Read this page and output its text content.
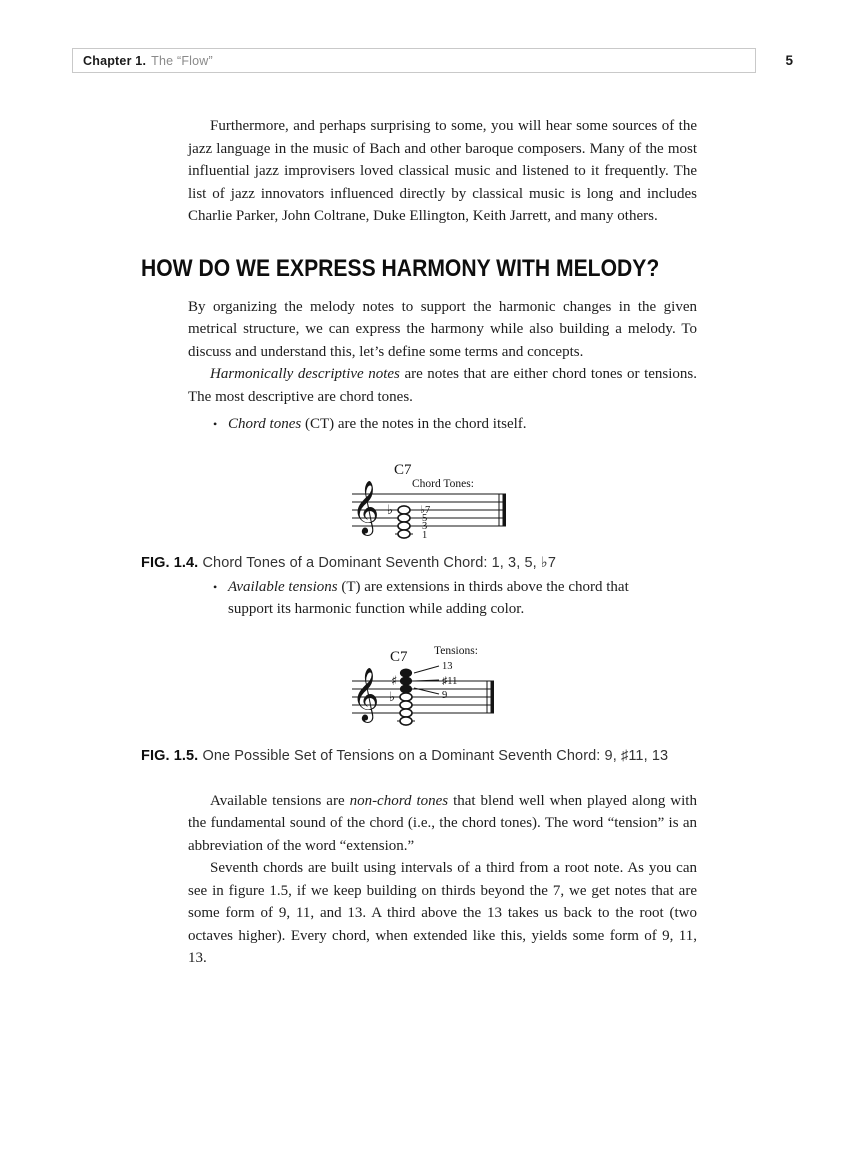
Chapter 1. The “Flow”	5

Furthermore, and perhaps surprising to some, you will hear some sources of the jazz language in the music of Bach and other baroque composers. Many of the most influential jazz improvisers loved classical music and listened to it frequently. The list of jazz innovators influenced directly by classical music is long and includes Charlie Parker, John Coltrane, Duke Ellington, Keith Jarrett, and many others.

HOW DO WE EXPRESS HARMONY WITH MELODY?

By organizing the melody notes to support the harmonic changes in the given metrical structure, we can express the harmony while also building a melody. To discuss and understand this, let’s define some terms and concepts.

Harmonically descriptive notes are notes that are either chord tones or tensions. The most descriptive are chord tones.

• Chord tones (CT) are the notes in the chord itself.
C7
Chord Tones:
𝄞 ♭	♭7
5
3
1

FIG. 1.4. Chord Tones of a Dominant Seventh Chord: 1, 3, 5, ♭7

• Available tensions (T) are extensions in thirds above the chord that support its harmonic function while adding color.
C7 Tensions:
𝄞 ♯
♭
13
♯11
9

FIG. 1.5. One Possible Set of Tensions on a Dominant Seventh Chord: 9, ♯11, 13

Available tensions are non-chord tones that blend well when played along with the fundamental sound of the chord (i.e., the chord tones). The word “tension” is an abbreviation of the word “extension.”

Seventh chords are built using intervals of a third from a root note. As you can see in figure 1.5, if we keep building on thirds beyond the 7, we get notes that are some form of 9, 11, and 13. A third above the 13 takes us back to the root (two octaves higher). Every chord, when extended like this, yields some form of 9, 11, 13.
